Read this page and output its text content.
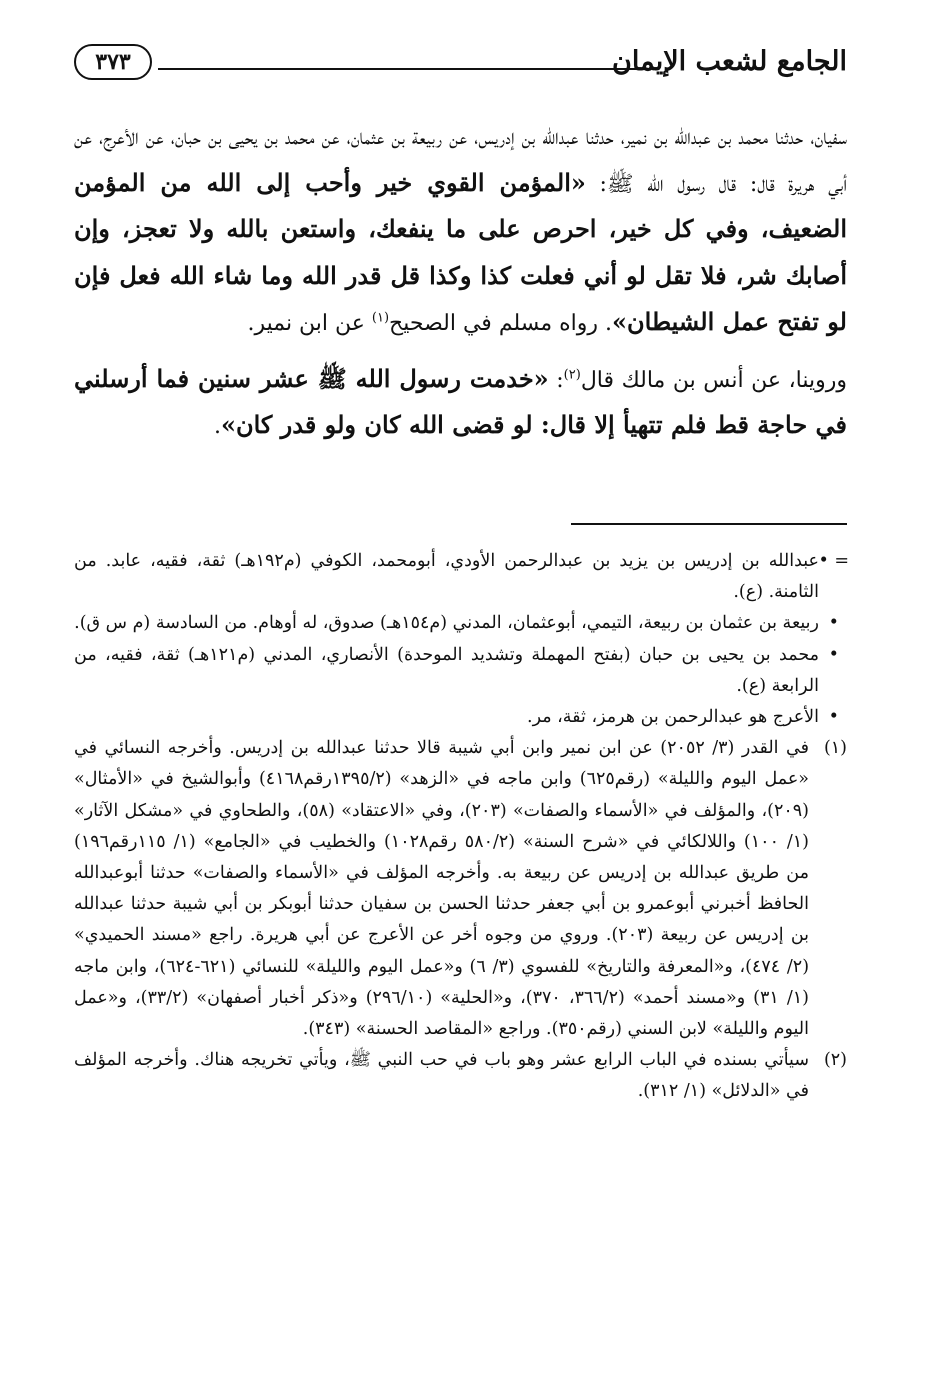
الجامع لشعب الإيمان
٣٧٣

سفيان، حدثنا محمد بن عبدالله بن نمير، حدثنا عبدالله بن إدريس، عن ربيعة بن عثمان، عن محمد بن يحيى بن حبان، عن الأعرج، عن أبي هريرة قال: قال رسول الله ﷺ: «المؤمن القوي خير وأحب إلى الله من المؤمن الضعيف، وفي كل خير، احرص على ما ينفعك، واستعن بالله ولا تعجز، وإن أصابك شر، فلا تقل لو أني فعلت كذا وكذا قل قدر الله وما شاء الله فعل فإن لو تفتح عمل الشيطان». رواه مسلم في الصحيح$^{(١)}$ عن ابن نمير.

وروينا، عن أنس بن مالك قال$^{(٢)}$: «خدمت رسول الله ﷺ عشر سنين فما أرسلني في حاجة قط فلم تتهيأ إلا قال: لو قضى الله كان ولو قدر كان».

= •
عبدالله بن إدريس بن يزيد بن عبدالرحمن الأودي، أبومحمد، الكوفي (م١٩٢هـ) ثقة، فقيه، عابد. من الثامنة. (ع).

•
ربيعة بن عثمان بن ربيعة، التيمي، أبوعثمان، المدني (م١٥٤هـ) صدوق، له أوهام. من السادسة (م س ق).

•
محمد بن يحيى بن حبان (بفتح المهملة وتشديد الموحدة) الأنصاري، المدني (م١٢١هـ) ثقة، فقيه، من الرابعة (ع).

•
الأعرج هو عبدالرحمن بن هرمز، ثقة، مر.

(١)
في القدر (٣/ ٢٠٥٢) عن ابن نمير وابن أبي شيبة قالا حدثنا عبدالله بن إدريس. وأخرجه النسائي في «عمل اليوم والليلة» (رقم٦٢٥) وابن ماجه في «الزهد» (١٣٩٥/٢رقم٤١٦٨) وأبوالشيخ في «الأمثال» (٢٠٩)، والمؤلف في «الأسماء والصفات» (٢٠٣)، وفي «الاعتقاد» (٥٨)، والطحاوي في «مشكل الآثار» (١/ ١٠٠) واللالكائي في «شرح السنة» (٥٨٠/٢ رقم١٠٢٨) والخطيب في «الجامع» (١/ ١١٥رقم١٩٦) من طريق عبدالله بن إدريس عن ربيعة به. وأخرجه المؤلف في «الأسماء والصفات» حدثنا أبوعبدالله الحافظ أخبرني أبوعمرو بن أبي جعفر حدثنا الحسن بن سفيان حدثنا أبوبكر بن أبي شيبة حدثنا عبدالله بن إدريس عن ربيعة (٢٠٣). وروي من وجوه أخر عن الأعرج عن أبي هريرة. راجع «مسند الحميدي» (٢/ ٤٧٤)، و«المعرفة والتاريخ» للفسوي (٣/ ٦) و«عمل اليوم والليلة» للنسائي (٦٢١-٦٢٤)، وابن ماجه (١/ ٣١) و«مسند أحمد» (٣٦٦/٢، ٣٧٠)، و«الحلية» (٢٩٦/١٠) و«ذكر أخبار أصفهان» (٣٣/٢)، و«عمل اليوم والليلة» لابن السني (رقم٣٥٠). وراجع «المقاصد الحسنة» (٣٤٣).

(٢)
سيأتي بسنده في الباب الرابع عشر وهو باب في حب النبي ﷺ، ويأتي تخريجه هناك. وأخرجه المؤلف في «الدلائل» (١/ ٣١٢).
